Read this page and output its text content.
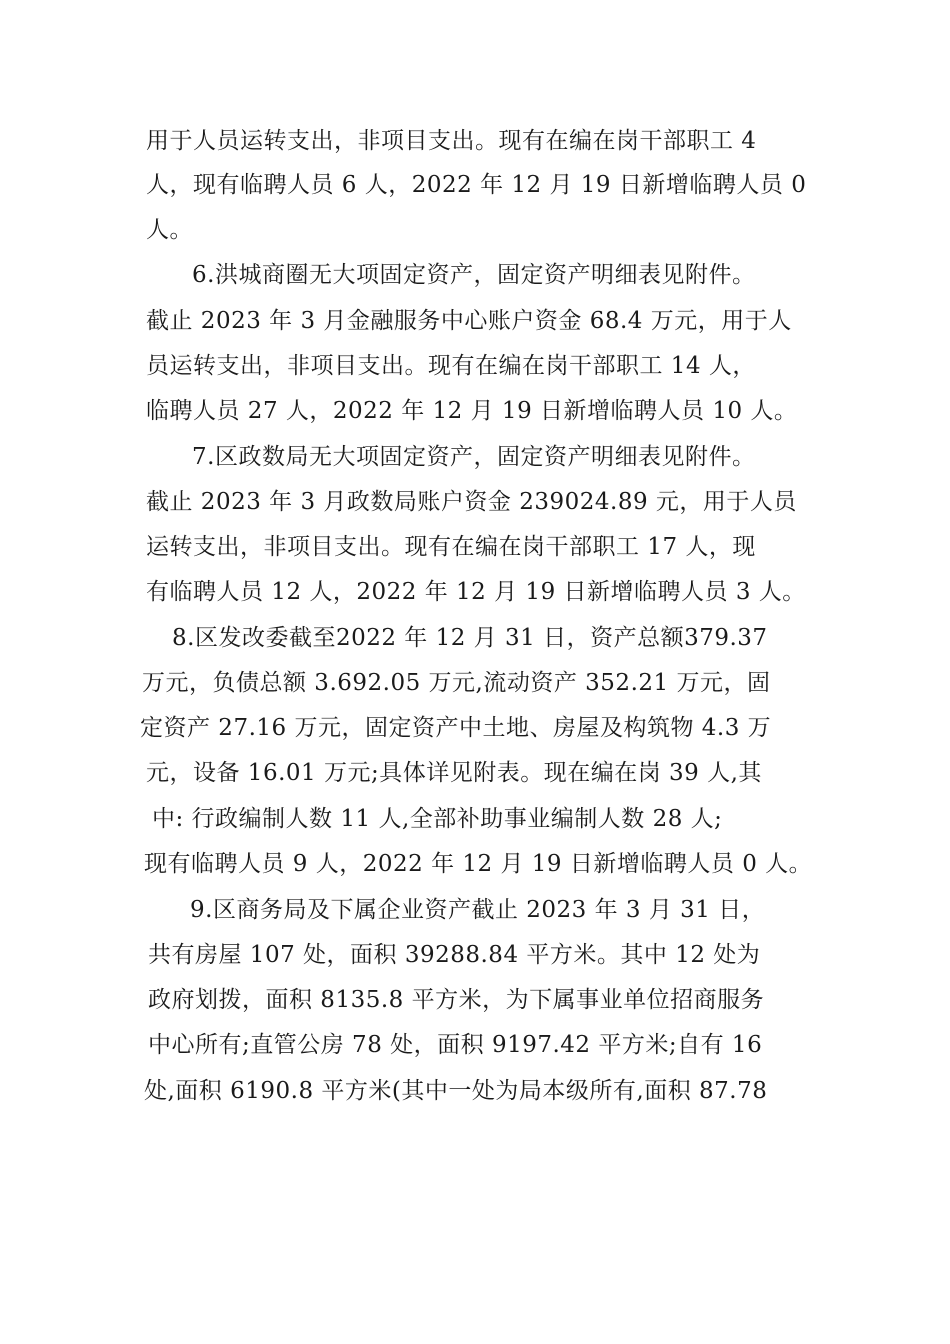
用于人员运转支出，非项目支出。现有在编在岗干部职工 4
人，现有临聘人员 6 人，2022 年 12 月 19 日新增临聘人员 0
人。
6.洪城商圈无大项固定资产，固定资产明细表见附件。
截止 2023 年 3 月金融服务中心账户资金 68.4 万元，用于人
员运转支出，非项目支出。现有在编在岗干部职工 14 人，
临聘人员 27 人，2022 年 12 月 19 日新增临聘人员 10 人。
7.区政数局无大项固定资产，固定资产明细表见附件。
截止 2023 年 3 月政数局账户资金 239024.89 元，用于人员
运转支出，非项目支出。现有在编在岗干部职工 17 人，现
有临聘人员 12 人，2022 年 12 月 19 日新增临聘人员 3 人。
8.区发改委截至2022 年 12 月 31 日，资产总额379.37
万元，负债总额 3.692.05 万元,流动资产 352.21 万元，固
定资产 27.16 万元，固定资产中土地、房屋及构筑物 4.3 万
元，设备 16.01 万元;具体详见附表。现在编在岗 39 人,其
中: 行政编制人数 11 人,全部补助事业编制人数 28 人;
现有临聘人员 9 人，2022 年 12 月 19 日新增临聘人员 0 人。
9.区商务局及下属企业资产截止 2023 年 3 月 31 日，
共有房屋 107 处，面积 39288.84 平方米。其中 12 处为
政府划拨，面积 8135.8 平方米，为下属事业单位招商服务
中心所有;直管公房 78 处，面积 9197.42 平方米;自有 16
处,面积 6190.8 平方米(其中一处为局本级所有,面积 87.78
